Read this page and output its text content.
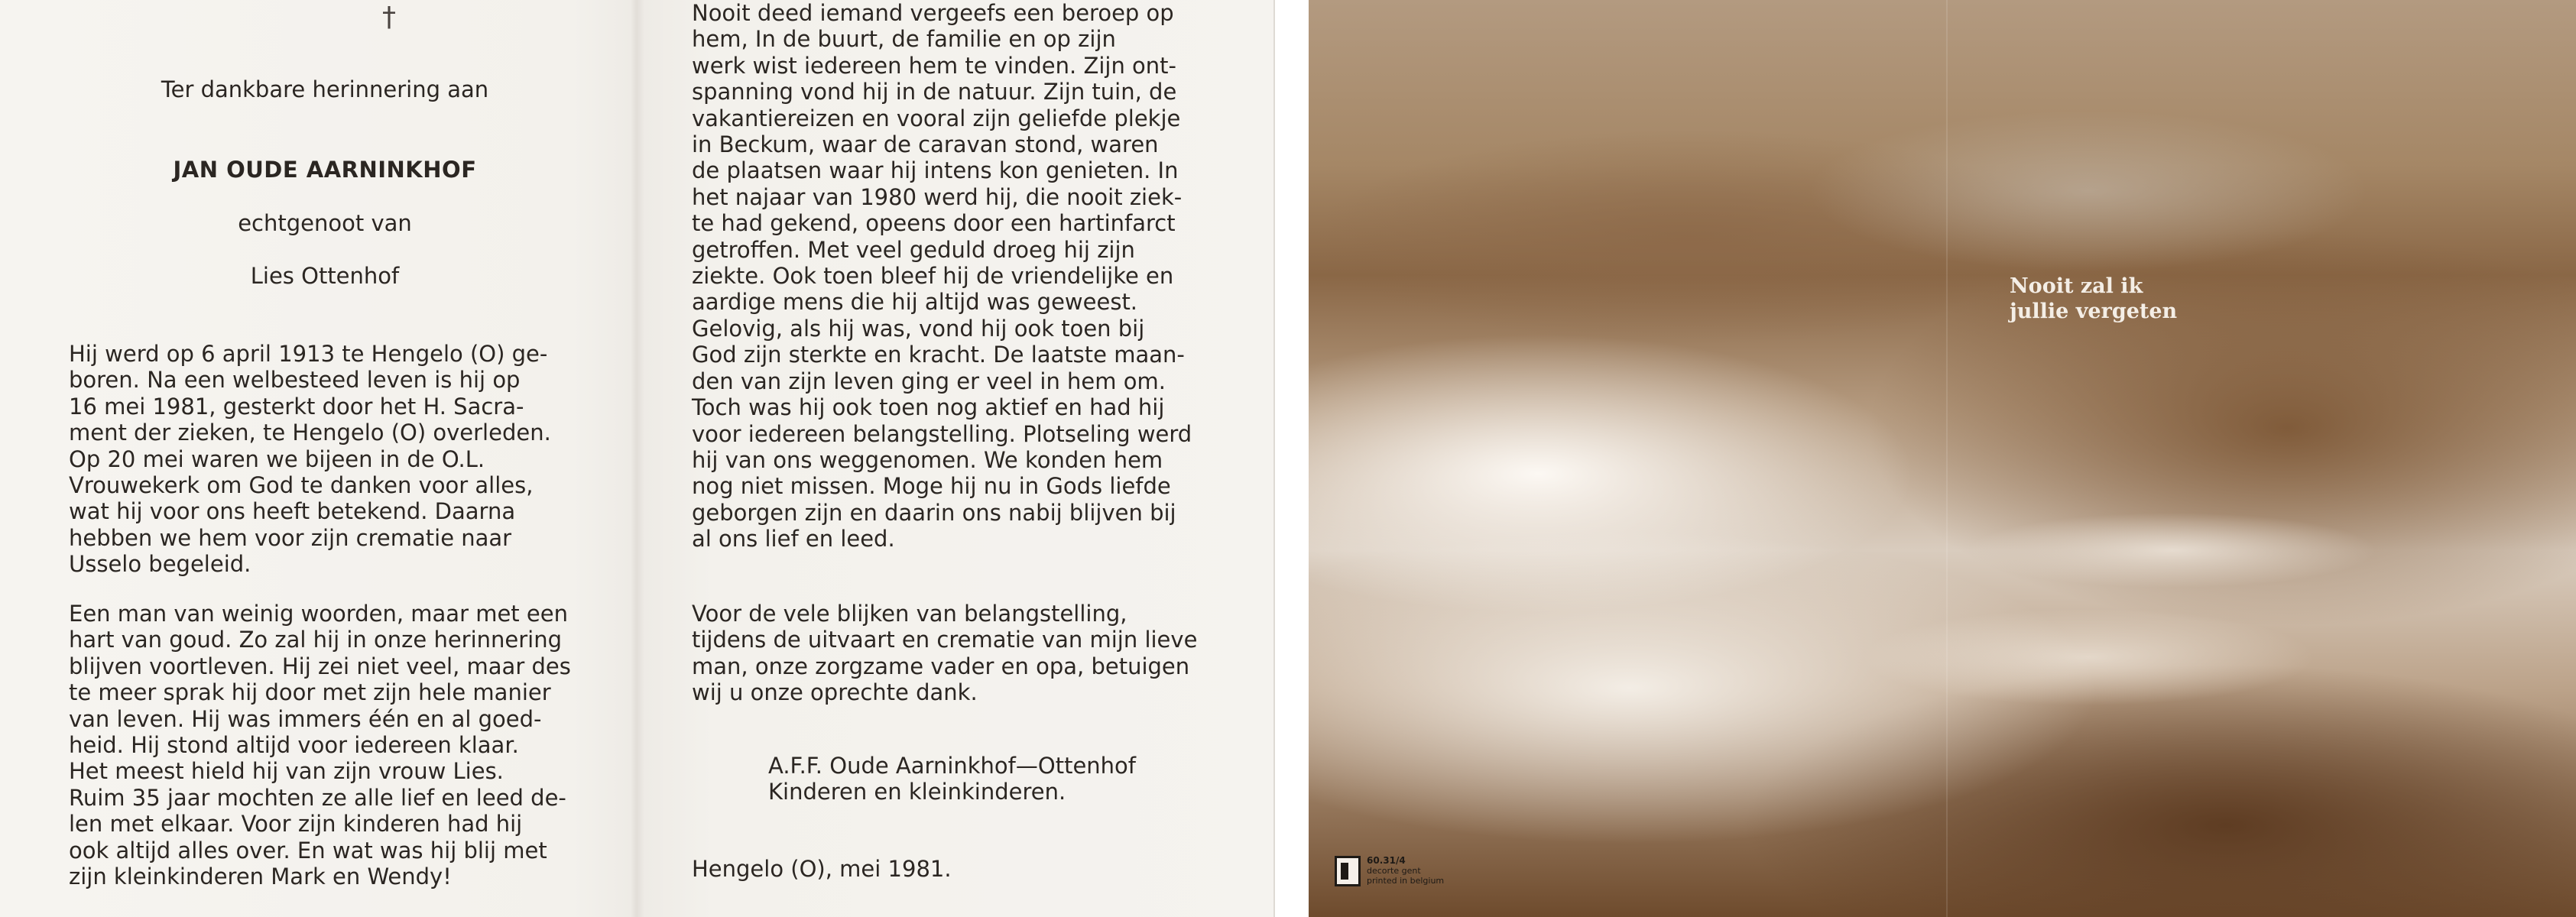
†
Ter dankbare herinnering aan
JAN OUDE AARNINKHOF
echtgenoot van
Lies Ottenhof

Hij werd op 6 april 1913 te Hengelo (O) ge-
boren. Na een welbesteed leven is hij op
16 mei 1981, gesterkt door het H. Sacra-
ment der zieken, te Hengelo (O) overleden.
Op 20 mei waren we bijeen in de O.L.
Vrouwekerk om God te danken voor alles,
wat hij voor ons heeft betekend. Daarna
hebben we hem voor zijn crematie naar
Usselo begeleid.

Een man van weinig woorden, maar met een
hart van goud. Zo zal hij in onze herinnering
blijven voortleven. Hij zei niet veel, maar des
te meer sprak hij door met zijn hele manier
van leven. Hij was immers één en al goed-
heid. Hij stond altijd voor iedereen klaar.
Het meest hield hij van zijn vrouw Lies.
Ruim 35 jaar mochten ze alle lief en leed de-
len met elkaar. Voor zijn kinderen had hij
ook altijd alles over. En wat was hij blij met
zijn kleinkinderen Mark en Wendy!

Nooit deed iemand vergeefs een beroep op
hem, In de buurt, de familie en op zijn
werk wist iedereen hem te vinden. Zijn ont-
spanning vond hij in de natuur. Zijn tuin, de
vakantiereizen en vooral zijn geliefde plekje
in Beckum, waar de caravan stond, waren
de plaatsen waar hij intens kon genieten. In
het najaar van 1980 werd hij, die nooit ziek-
te had gekend, opeens door een hartinfarct
getroffen. Met veel geduld droeg hij zijn
ziekte. Ook toen bleef hij de vriendelijke en
aardige mens die hij altijd was geweest.
Gelovig, als hij was, vond hij ook toen bij
God zijn sterkte en kracht. De laatste maan-
den van zijn leven ging er veel in hem om.
Toch was hij ook toen nog aktief en had hij
voor iedereen belangstelling. Plotseling werd
hij van ons weggenomen. We konden hem
nog niet missen. Moge hij nu in Gods liefde
geborgen zijn en daarin ons nabij blijven bij
al ons lief en leed.

Voor de vele blijken van belangstelling,
tijdens de uitvaart en crematie van mijn lieve
man, onze zorgzame vader en opa, betuigen
wij u onze oprechte dank.

A.F.F. Oude Aarninkhof—Ottenhof
Kinderen en kleinkinderen.
Hengelo (O), mei 1981.
Nooit zal ik
jullie vergeten
60.31/4
decorte gent
printed in belgium
